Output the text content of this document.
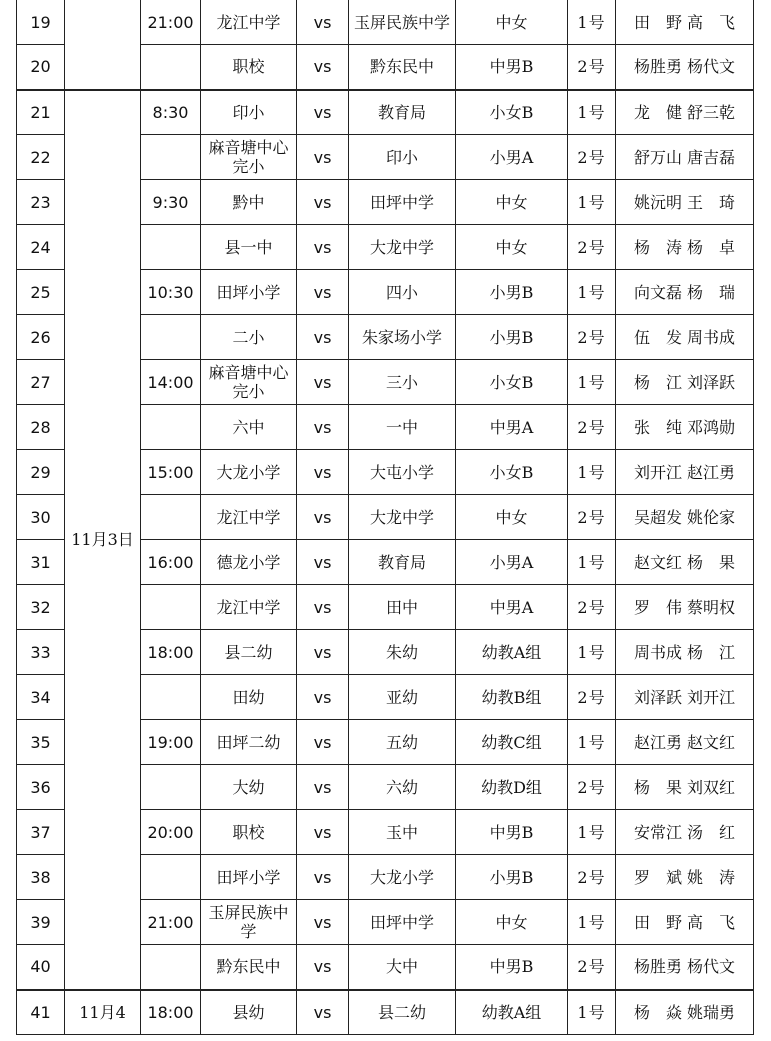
19		21:00	龙江中学	vs	玉屏民族中学	中女	1号	田　野 高　飞
20			职校	vs	黔东民中	中男B	2号	杨胜勇 杨代文
21	11月3日	8:30	印小	vs	教育局	小女B	1号	龙　健 舒三乾
22			麻音塘中心完小	vs	印小	小男A	2号	舒万山 唐吉磊
23		9:30	黔中	vs	田坪中学	中女	1号	姚沅明 王　琦
24			县一中	vs	大龙中学	中女	2号	杨　涛 杨　卓
25		10:30	田坪小学	vs	四小	小男B	1号	向文磊 杨　瑞
26			二小	vs	朱家场小学	小男B	2号	伍　发 周书成
27		14:00	麻音塘中心完小	vs	三小	小女B	1号	杨　江 刘泽跃
28			六中	vs	一中	中男A	2号	张　纯 邓鸿勋
29		15:00	大龙小学	vs	大屯小学	小女B	1号	刘开江 赵江勇
30			龙江中学	vs	大龙中学	中女	2号	吴超发 姚伦家
31		16:00	德龙小学	vs	教育局	小男A	1号	赵文红 杨　果
32			龙江中学	vs	田中	中男A	2号	罗　伟 蔡明权
33		18:00	县二幼	vs	朱幼	幼教A组	1号	周书成 杨　江
34			田幼	vs	亚幼	幼教B组	2号	刘泽跃 刘开江
35		19:00	田坪二幼	vs	五幼	幼教C组	1号	赵江勇 赵文红
36			大幼	vs	六幼	幼教D组	2号	杨　果 刘双红
37		20:00	职校	vs	玉中	中男B	1号	安常江 汤　红
38			田坪小学	vs	大龙小学	小男B	2号	罗　斌 姚　涛
39		21:00	玉屏民族中学	vs	田坪中学	中女	1号	田　野 高　飞
40			黔东民中	vs	大中	中男B	2号	杨胜勇 杨代文
41	11月4	18:00	县幼	vs	县二幼	幼教A组	1号	杨　焱 姚瑞勇
